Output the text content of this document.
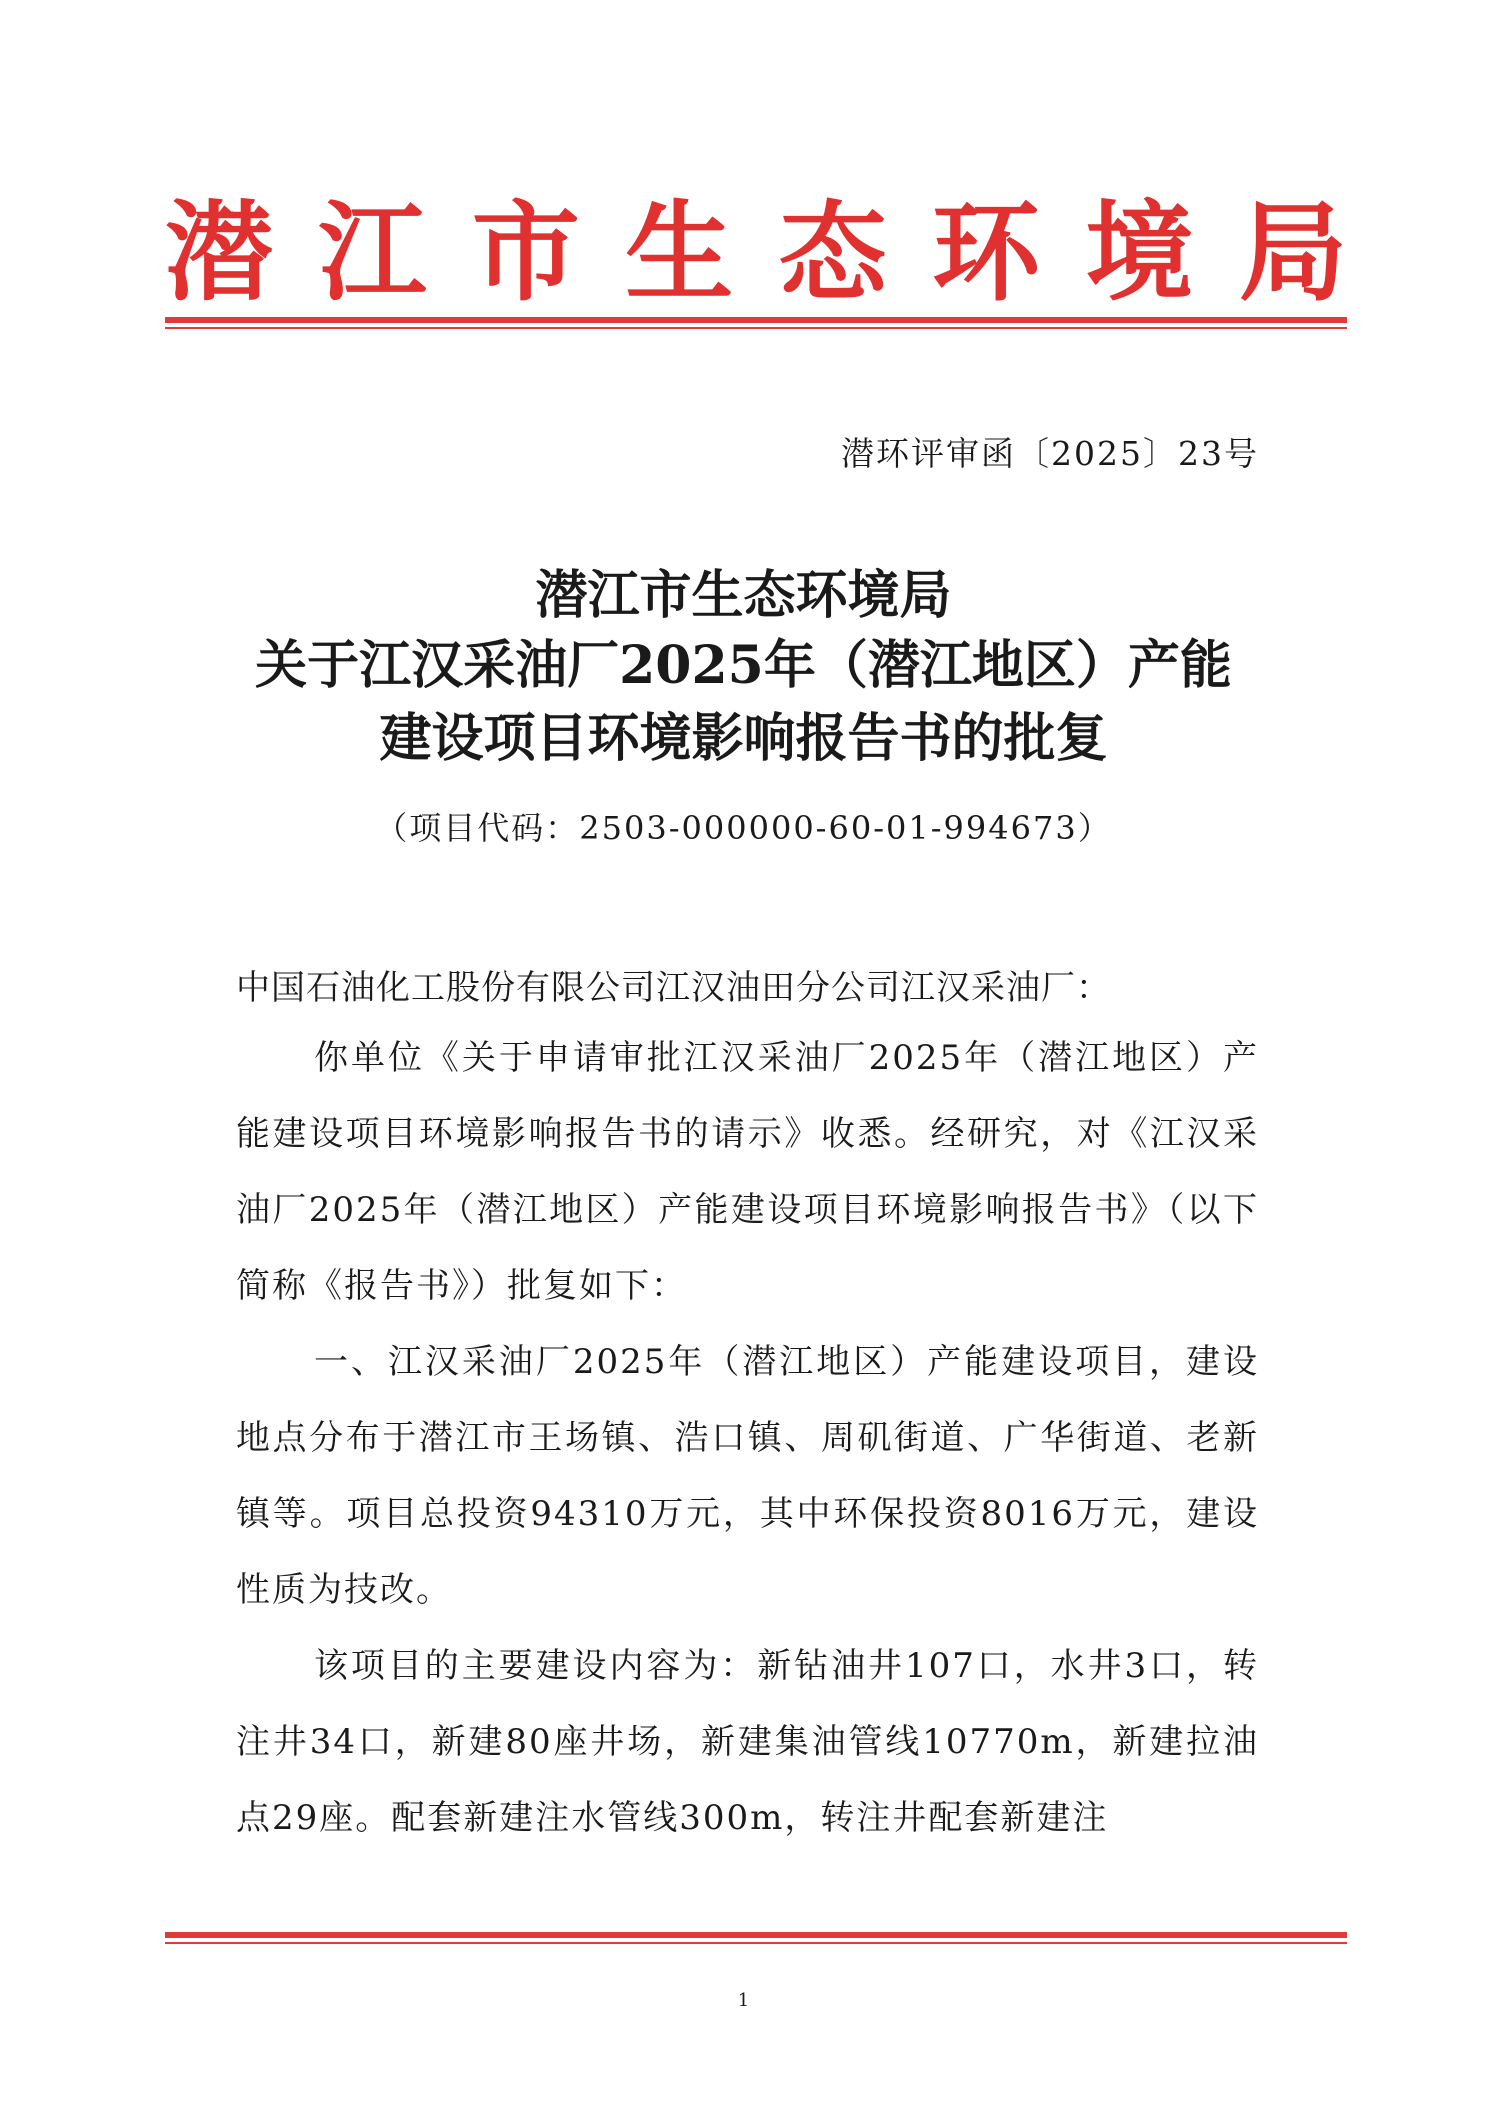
潜 江 市 生 态 环 境 局
潜环评审函〔2025〕23号
潜江市生态环境局
关于江汉采油厂2025年（潜江地区）产能
建设项目环境影响报告书的批复
（项目代码：2503-000000-60-01-994673）

中国石油化工股份有限公司江汉油田分公司江汉采油厂：

你单位《关于申请审批江汉采油厂2025年（潜江地区）产能建设项目环境影响报告书的请示》收悉。经研究，对《江汉采油厂2025年（潜江地区）产能建设项目环境影响报告书》（以下简称《报告书》）批复如下：

一、江汉采油厂2025年（潜江地区）产能建设项目，建设地点分布于潜江市王场镇、浩口镇、周矶街道、广华街道、老新镇等。项目总投资94310万元，其中环保投资8016万元，建设性质为技改。

该项目的主要建设内容为：新钻油井107口，水井3口，转注井34口，新建80座井场，新建集油管线10770m，新建拉油点29座。配套新建注水管线300m，转注井配套新建注

1
